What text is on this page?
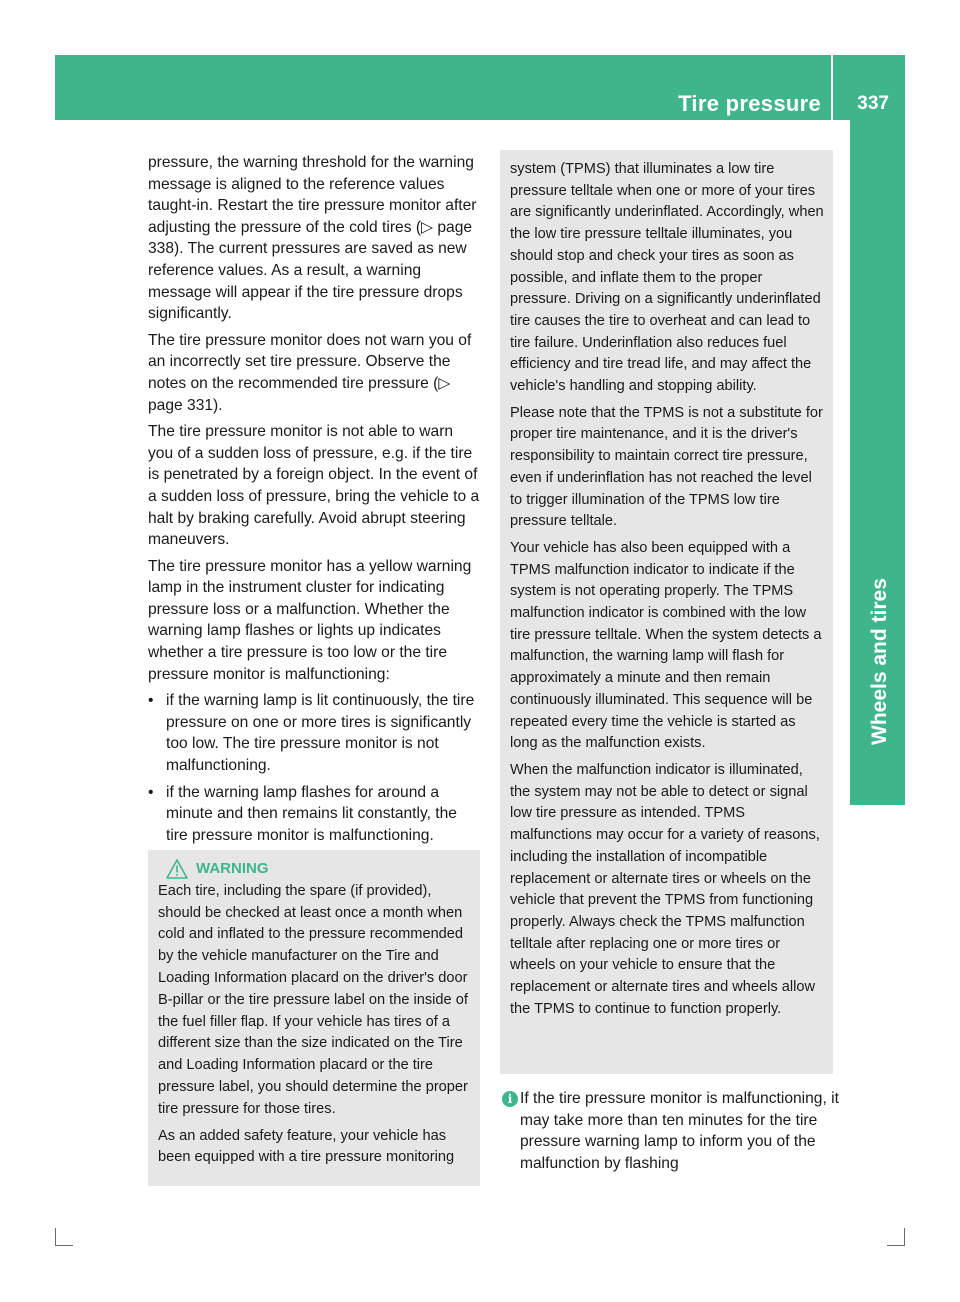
Tire pressure 337
Wheels and tires

pressure, the warning threshold for the warning message is aligned to the reference values taught-in. Restart the tire pressure monitor after adjusting the pressure of the cold tires (▷ page 338). The current pressures are saved as new reference values. As a result, a warning message will appear if the tire pressure drops significantly.

The tire pressure monitor does not warn you of an incorrectly set tire pressure. Observe the notes on the recommended tire pressure (▷ page 331).

The tire pressure monitor is not able to warn you of a sudden loss of pressure, e.g. if the tire is penetrated by a foreign object. In the event of a sudden loss of pressure, bring the vehicle to a halt by braking carefully. Avoid abrupt steering maneuvers.

The tire pressure monitor has a yellow warning lamp in the instrument cluster for indicating pressure loss or a malfunction. Whether the warning lamp flashes or lights up indicates whether a tire pressure is too low or the tire pressure monitor is malfunctioning:

• if the warning lamp is lit continuously, the tire pressure on one or more tires is significantly too low. The tire pressure monitor is not malfunctioning.
• if the warning lamp flashes for around a minute and then remains lit constantly, the tire pressure monitor is malfunctioning.
WARNING

Each tire, including the spare (if provided), should be checked at least once a month when cold and inflated to the pressure recommended by the vehicle manufacturer on the Tire and Loading Information placard on the driver's door B-pillar or the tire pressure label on the inside of the fuel filler flap. If your vehicle has tires of a different size than the size indicated on the Tire and Loading Information placard or the tire pressure label, you should determine the proper tire pressure for those tires.

As an added safety feature, your vehicle has been equipped with a tire pressure monitoring

system (TPMS) that illuminates a low tire pressure telltale when one or more of your tires are significantly underinflated. Accordingly, when the low tire pressure telltale illuminates, you should stop and check your tires as soon as possible, and inflate them to the proper pressure. Driving on a significantly underinflated tire causes the tire to overheat and can lead to tire failure. Underinflation also reduces fuel efficiency and tire tread life, and may affect the vehicle's handling and stopping ability.

Please note that the TPMS is not a substitute for proper tire maintenance, and it is the driver's responsibility to maintain correct tire pressure, even if underinflation has not reached the level to trigger illumination of the TPMS low tire pressure telltale.

Your vehicle has also been equipped with a TPMS malfunction indicator to indicate if the system is not operating properly. The TPMS malfunction indicator is combined with the low tire pressure telltale. When the system detects a malfunction, the warning lamp will flash for approximately a minute and then remain continuously illuminated. This sequence will be repeated every time the vehicle is started as long as the malfunction exists.

When the malfunction indicator is illuminated, the system may not be able to detect or signal low tire pressure as intended. TPMS malfunctions may occur for a variety of reasons, including the installation of incompatible replacement or alternate tires or wheels on the vehicle that prevent the TPMS from functioning properly. Always check the TPMS malfunction telltale after replacing one or more tires or wheels on your vehicle to ensure that the replacement or alternate tires and wheels allow the TPMS to continue to function properly.

i If the tire pressure monitor is malfunctioning, it may take more than ten minutes for the tire pressure warning lamp to inform you of the malfunction by flashing
